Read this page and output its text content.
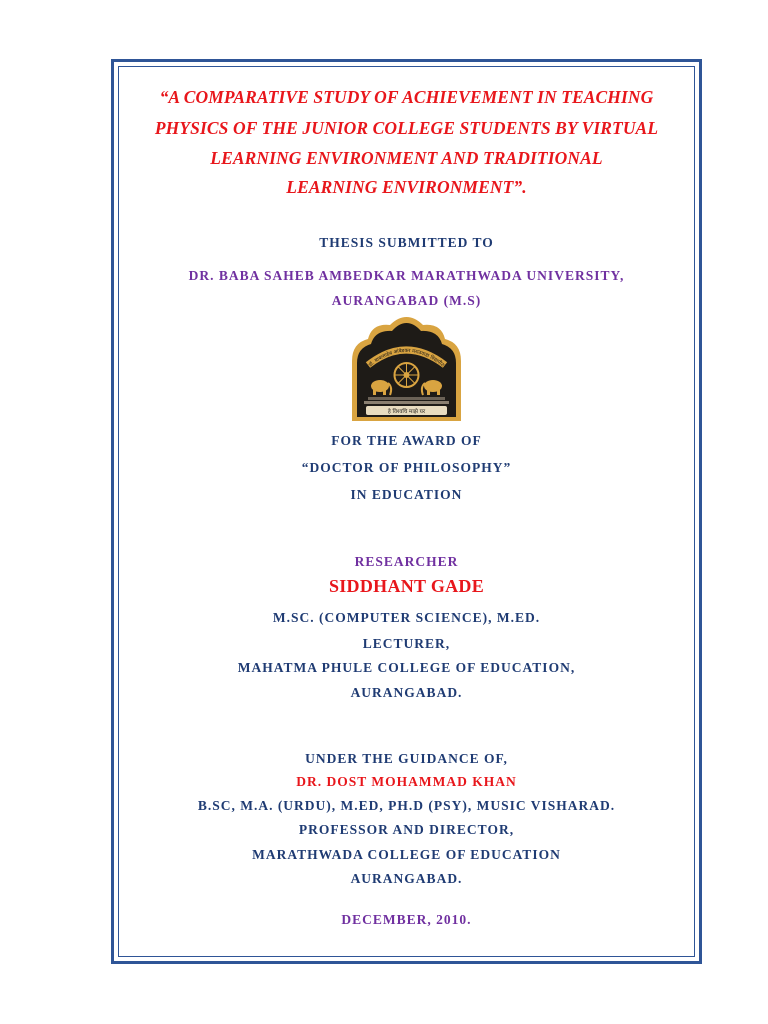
“A COMPARATIVE STUDY OF ACHIEVEMENT IN TEACHING
PHYSICS OF THE JUNIOR COLLEGE STUDENTS BY VIRTUAL
LEARNING ENVIRONMENT AND TRADITIONAL
LEARNING ENVIRONMENT”.
THESIS SUBMITTED TO
DR. BABA SAHEB AMBEDKAR MARATHWADA UNIVERSITY,
AURANGABAD (M.S)
डॉ. बाबासाहेब आंबेडकर मराठवाडा विद्यापीठ
हे विश्वचि माझे घर
FOR THE AWARD OF
“DOCTOR OF PHILOSOPHY”
IN EDUCATION
RESEARCHER
SIDDHANT GADE
M.SC. (COMPUTER SCIENCE), M.ED.
LECTURER,
MAHATMA PHULE COLLEGE OF EDUCATION,
AURANGABAD.
UNDER THE GUIDANCE OF,
DR. DOST MOHAMMAD KHAN
B.SC, M.A. (URDU), M.ED, PH.D (PSY), MUSIC VISHARAD.
PROFESSOR AND DIRECTOR,
MARATHWADA COLLEGE OF EDUCATION
AURANGABAD.
DECEMBER, 2010.
